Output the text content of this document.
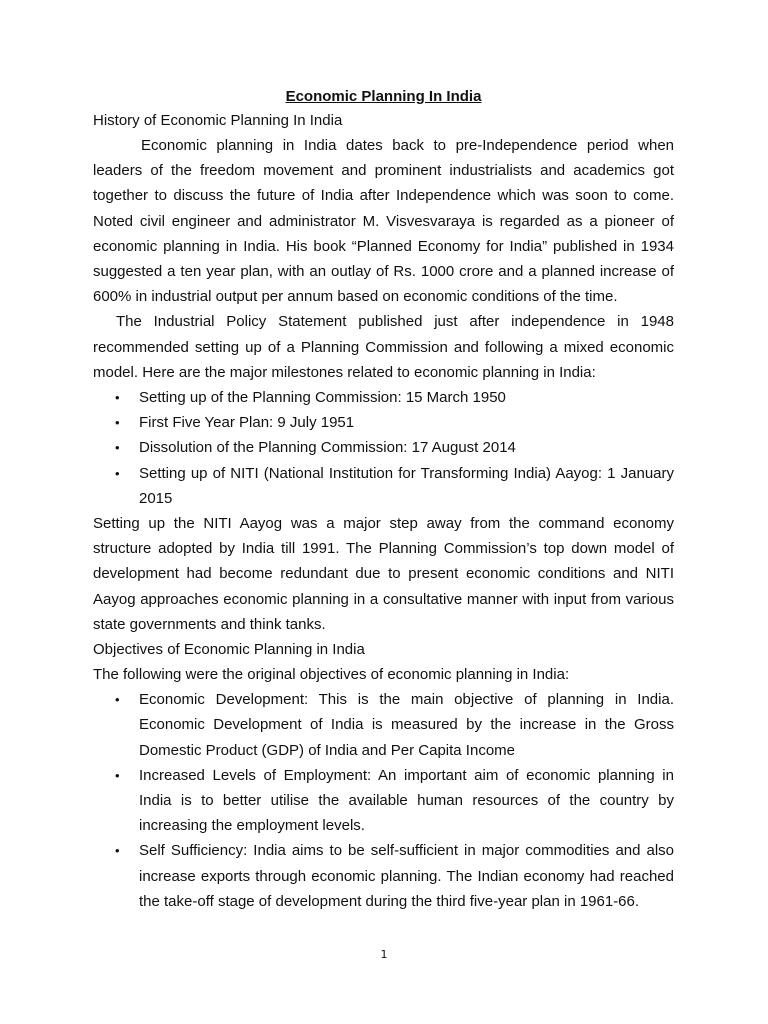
Economic Planning In India

History of Economic Planning In India

Economic planning in India dates back to pre-Independence period when leaders of the freedom movement and prominent industrialists and academics got together to discuss the future of India after Independence which was soon to come. Noted civil engineer and administrator M. Visvesvaraya is regarded as a pioneer of economic planning in India. His book “Planned Economy for India” published in 1934 suggested a ten year plan, with an outlay of Rs. 1000 crore and a planned increase of 600% in industrial output per annum based on economic conditions of the time.

The Industrial Policy Statement published just after independence in 1948 recommended setting up of a Planning Commission and following a mixed economic model. Here are the major milestones related to economic planning in India:

• Setting up of the Planning Commission: 15 March 1950
• First Five Year Plan: 9 July 1951
• Dissolution of the Planning Commission: 17 August 2014
• Setting up of NITI (National Institution for Transforming India) Aayog: 1 January 2015

Setting up the NITI Aayog was a major step away from the command economy structure adopted by India till 1991. The Planning Commission’s top down model of development had become redundant due to present economic conditions and NITI Aayog approaches economic planning in a consultative manner with input from various state governments and think tanks.

Objectives of Economic Planning in India

The following were the original objectives of economic planning in India:

• Economic Development: This is the main objective of planning in India. Economic Development of India is measured by the increase in the Gross Domestic Product (GDP) of India and Per Capita Income
• Increased Levels of Employment: An important aim of economic planning in India is to better utilise the available human resources of the country by increasing the employment levels.
• Self Sufficiency: India aims to be self-sufficient in major commodities and also increase exports through economic planning. The Indian economy had reached the take-off stage of development during the third five-year plan in 1961-66.
1
